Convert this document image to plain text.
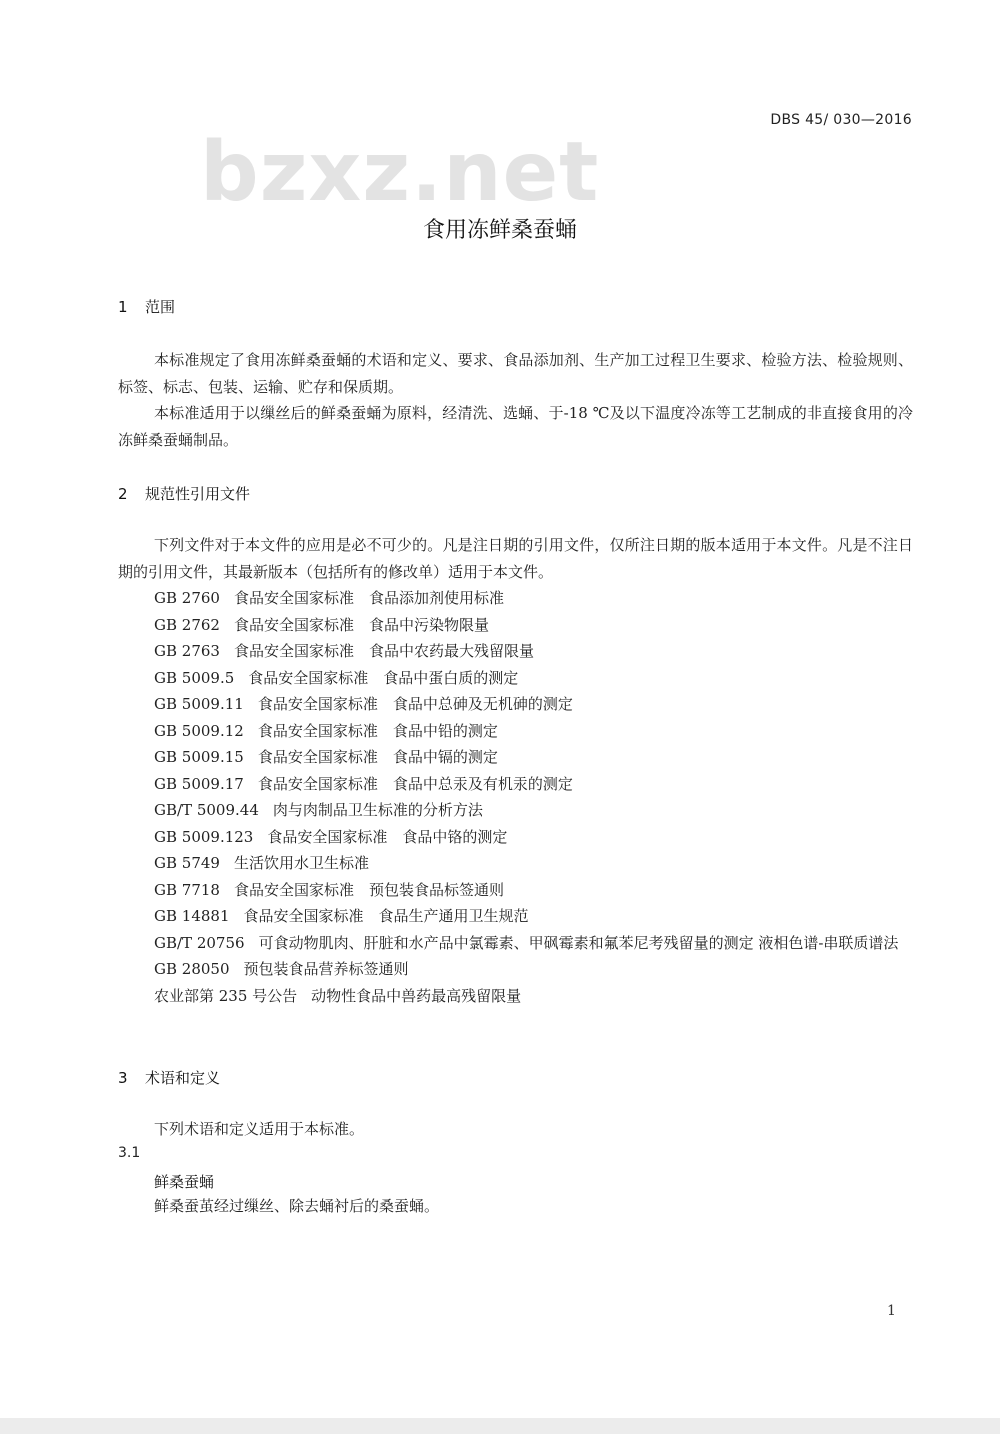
DBS 45/ 030—2016
bzxz.net
食用冻鲜桑蚕蛹
1 范围
本标准规定了食用冻鲜桑蚕蛹的术语和定义、要求、食品添加剂、生产加工过程卫生要求、检验方法、检验规则、标签、标志、包装、运输、贮存和保质期。
本标准适用于以缫丝后的鲜桑蚕蛹为原料，经清洗、选蛹、于-18 ℃及以下温度冷冻等工艺制成的非直接食用的冷冻鲜桑蚕蛹制品。
2 规范性引用文件
下列文件对于本文件的应用是必不可少的。凡是注日期的引用文件，仅所注日期的版本适用于本文件。凡是不注日期的引用文件，其最新版本（包括所有的修改单）适用于本文件。
GB 2760 食品安全国家标准　食品添加剂使用标准
GB 2762 食品安全国家标准　食品中污染物限量
GB 2763 食品安全国家标准　食品中农药最大残留限量
GB 5009.5 食品安全国家标准　食品中蛋白质的测定
GB 5009.11 食品安全国家标准　食品中总砷及无机砷的测定
GB 5009.12 食品安全国家标准　食品中铅的测定
GB 5009.15 食品安全国家标准　食品中镉的测定
GB 5009.17 食品安全国家标准　食品中总汞及有机汞的测定
GB/T 5009.44 肉与肉制品卫生标准的分析方法
GB 5009.123 食品安全国家标准　食品中铬的测定
GB 5749 生活饮用水卫生标准
GB 7718 食品安全国家标准　预包装食品标签通则
GB 14881 食品安全国家标准　食品生产通用卫生规范
GB/T 20756 可食动物肌肉、肝脏和水产品中氯霉素、甲砜霉素和氟苯尼考残留量的测定 液相色谱-串联质谱法
GB 28050 预包装食品营养标签通则
农业部第 235 号公告 动物性食品中兽药最高残留限量
3 术语和定义
下列术语和定义适用于本标准。
3.1
鲜桑蚕蛹
鲜桑蚕茧经过缫丝、除去蛹衬后的桑蚕蛹。
1
